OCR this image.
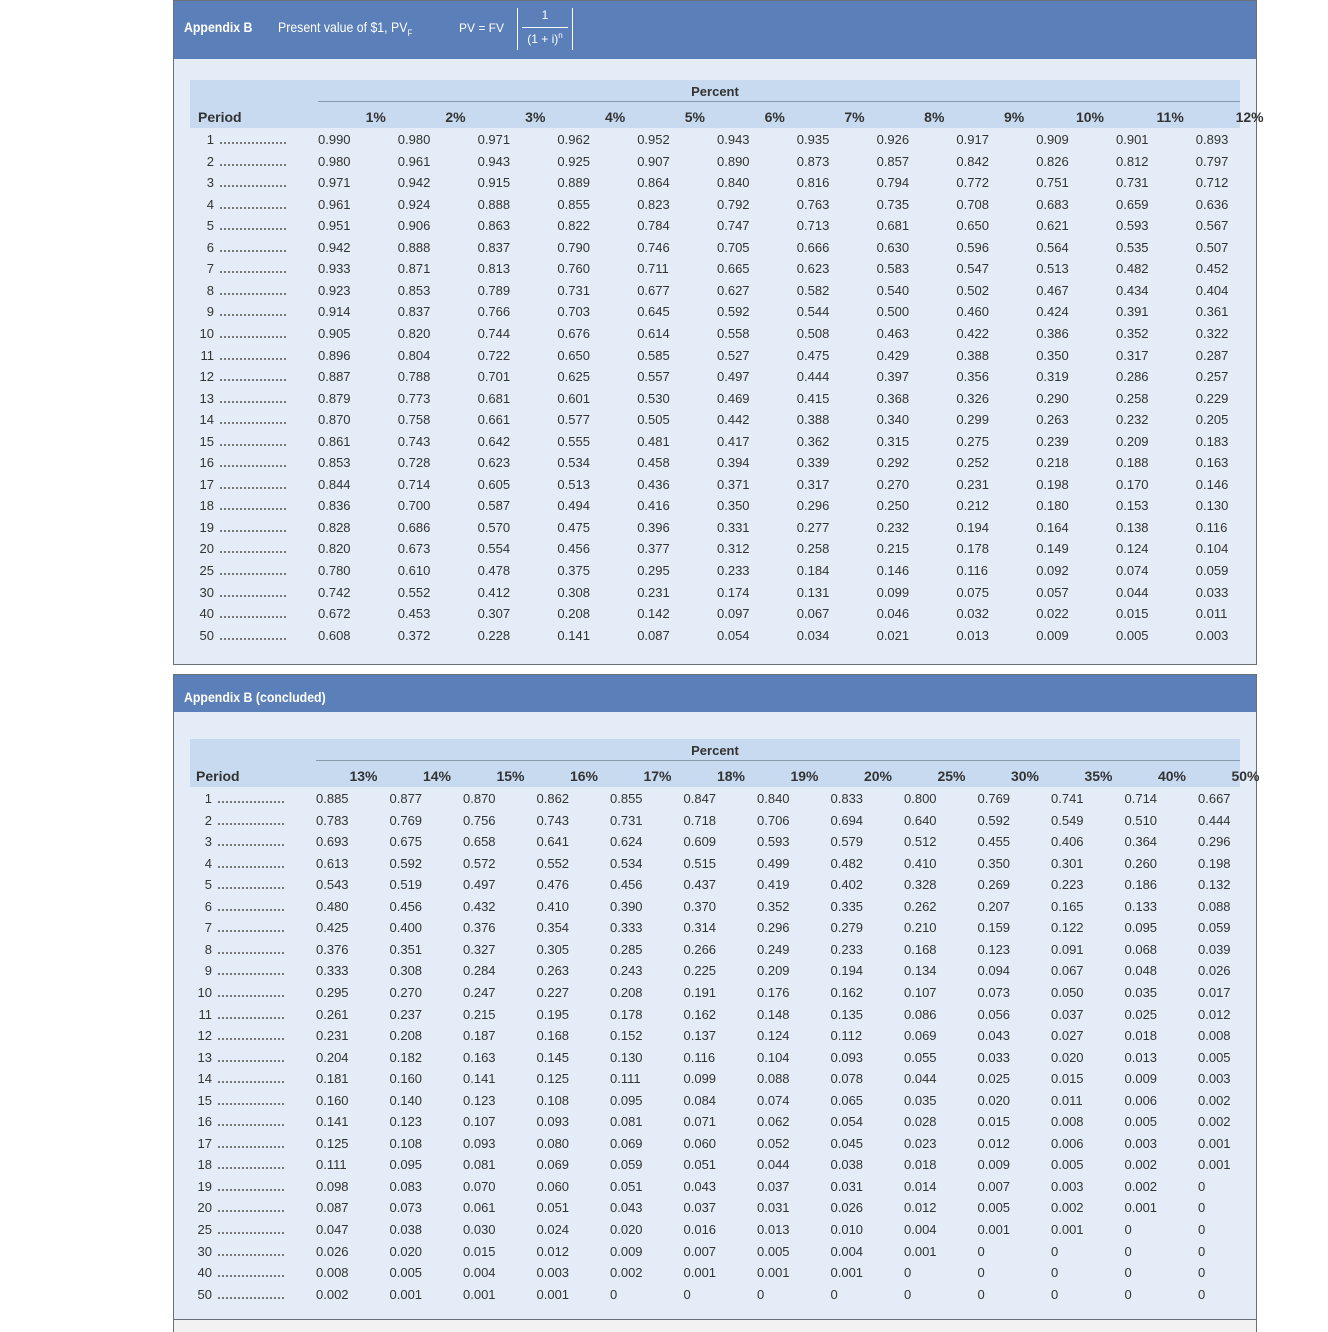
Appendix B Present value of $1, $PV_F$	PV = FV
1
$(1 + i)^n$
Percent
Period	1%	2%	3%	4%	5%	6%	7%	8%	9%	10%	11%	12%
1	0.990	0.980	0.971	0.962	0.952	0.943	0.935	0.926	0.917	0.909	0.901	0.893
2	0.980	0.961	0.943	0.925	0.907	0.890	0.873	0.857	0.842	0.826	0.812	0.797
3	0.971	0.942	0.915	0.889	0.864	0.840	0.816	0.794	0.772	0.751	0.731	0.712
4	0.961	0.924	0.888	0.855	0.823	0.792	0.763	0.735	0.708	0.683	0.659	0.636
5	0.951	0.906	0.863	0.822	0.784	0.747	0.713	0.681	0.650	0.621	0.593	0.567
6	0.942	0.888	0.837	0.790	0.746	0.705	0.666	0.630	0.596	0.564	0.535	0.507
7	0.933	0.871	0.813	0.760	0.711	0.665	0.623	0.583	0.547	0.513	0.482	0.452
8	0.923	0.853	0.789	0.731	0.677	0.627	0.582	0.540	0.502	0.467	0.434	0.404
9	0.914	0.837	0.766	0.703	0.645	0.592	0.544	0.500	0.460	0.424	0.391	0.361
10	0.905	0.820	0.744	0.676	0.614	0.558	0.508	0.463	0.422	0.386	0.352	0.322
11	0.896	0.804	0.722	0.650	0.585	0.527	0.475	0.429	0.388	0.350	0.317	0.287
12	0.887	0.788	0.701	0.625	0.557	0.497	0.444	0.397	0.356	0.319	0.286	0.257
13	0.879	0.773	0.681	0.601	0.530	0.469	0.415	0.368	0.326	0.290	0.258	0.229
14	0.870	0.758	0.661	0.577	0.505	0.442	0.388	0.340	0.299	0.263	0.232	0.205
15	0.861	0.743	0.642	0.555	0.481	0.417	0.362	0.315	0.275	0.239	0.209	0.183
16	0.853	0.728	0.623	0.534	0.458	0.394	0.339	0.292	0.252	0.218	0.188	0.163
17	0.844	0.714	0.605	0.513	0.436	0.371	0.317	0.270	0.231	0.198	0.170	0.146
18	0.836	0.700	0.587	0.494	0.416	0.350	0.296	0.250	0.212	0.180	0.153	0.130
19	0.828	0.686	0.570	0.475	0.396	0.331	0.277	0.232	0.194	0.164	0.138	0.116
20	0.820	0.673	0.554	0.456	0.377	0.312	0.258	0.215	0.178	0.149	0.124	0.104
25	0.780	0.610	0.478	0.375	0.295	0.233	0.184	0.146	0.116	0.092	0.074	0.059
30	0.742	0.552	0.412	0.308	0.231	0.174	0.131	0.099	0.075	0.057	0.044	0.033
40	0.672	0.453	0.307	0.208	0.142	0.097	0.067	0.046	0.032	0.022	0.015	0.011
50	0.608	0.372	0.228	0.141	0.087	0.054	0.034	0.021	0.013	0.009	0.005	0.003
Appendix B (concluded)
Percent
Period	13%	14%	15%	16%	17%	18%	19%	20%	25%	30%	35%	40%	50%
1	0.885	0.877	0.870	0.862	0.855	0.847	0.840	0.833	0.800	0.769	0.741	0.714	0.667
2	0.783	0.769	0.756	0.743	0.731	0.718	0.706	0.694	0.640	0.592	0.549	0.510	0.444
3	0.693	0.675	0.658	0.641	0.624	0.609	0.593	0.579	0.512	0.455	0.406	0.364	0.296
4	0.613	0.592	0.572	0.552	0.534	0.515	0.499	0.482	0.410	0.350	0.301	0.260	0.198
5	0.543	0.519	0.497	0.476	0.456	0.437	0.419	0.402	0.328	0.269	0.223	0.186	0.132
6	0.480	0.456	0.432	0.410	0.390	0.370	0.352	0.335	0.262	0.207	0.165	0.133	0.088
7	0.425	0.400	0.376	0.354	0.333	0.314	0.296	0.279	0.210	0.159	0.122	0.095	0.059
8	0.376	0.351	0.327	0.305	0.285	0.266	0.249	0.233	0.168	0.123	0.091	0.068	0.039
9	0.333	0.308	0.284	0.263	0.243	0.225	0.209	0.194	0.134	0.094	0.067	0.048	0.026
10	0.295	0.270	0.247	0.227	0.208	0.191	0.176	0.162	0.107	0.073	0.050	0.035	0.017
11	0.261	0.237	0.215	0.195	0.178	0.162	0.148	0.135	0.086	0.056	0.037	0.025	0.012
12	0.231	0.208	0.187	0.168	0.152	0.137	0.124	0.112	0.069	0.043	0.027	0.018	0.008
13	0.204	0.182	0.163	0.145	0.130	0.116	0.104	0.093	0.055	0.033	0.020	0.013	0.005
14	0.181	0.160	0.141	0.125	0.111	0.099	0.088	0.078	0.044	0.025	0.015	0.009	0.003
15	0.160	0.140	0.123	0.108	0.095	0.084	0.074	0.065	0.035	0.020	0.011	0.006	0.002
16	0.141	0.123	0.107	0.093	0.081	0.071	0.062	0.054	0.028	0.015	0.008	0.005	0.002
17	0.125	0.108	0.093	0.080	0.069	0.060	0.052	0.045	0.023	0.012	0.006	0.003	0.001
18	0.111	0.095	0.081	0.069	0.059	0.051	0.044	0.038	0.018	0.009	0.005	0.002	0.001
19	0.098	0.083	0.070	0.060	0.051	0.043	0.037	0.031	0.014	0.007	0.003	0.002	0
20	0.087	0.073	0.061	0.051	0.043	0.037	0.031	0.026	0.012	0.005	0.002	0.001	0
25	0.047	0.038	0.030	0.024	0.020	0.016	0.013	0.010	0.004	0.001	0.001	0	0
30	0.026	0.020	0.015	0.012	0.009	0.007	0.005	0.004	0.001	0	0	0	0
40	0.008	0.005	0.004	0.003	0.002	0.001	0.001	0.001	0	0	0	0	0
50	0.002	0.001	0.001	0.001	0	0	0	0	0	0	0	0	0
